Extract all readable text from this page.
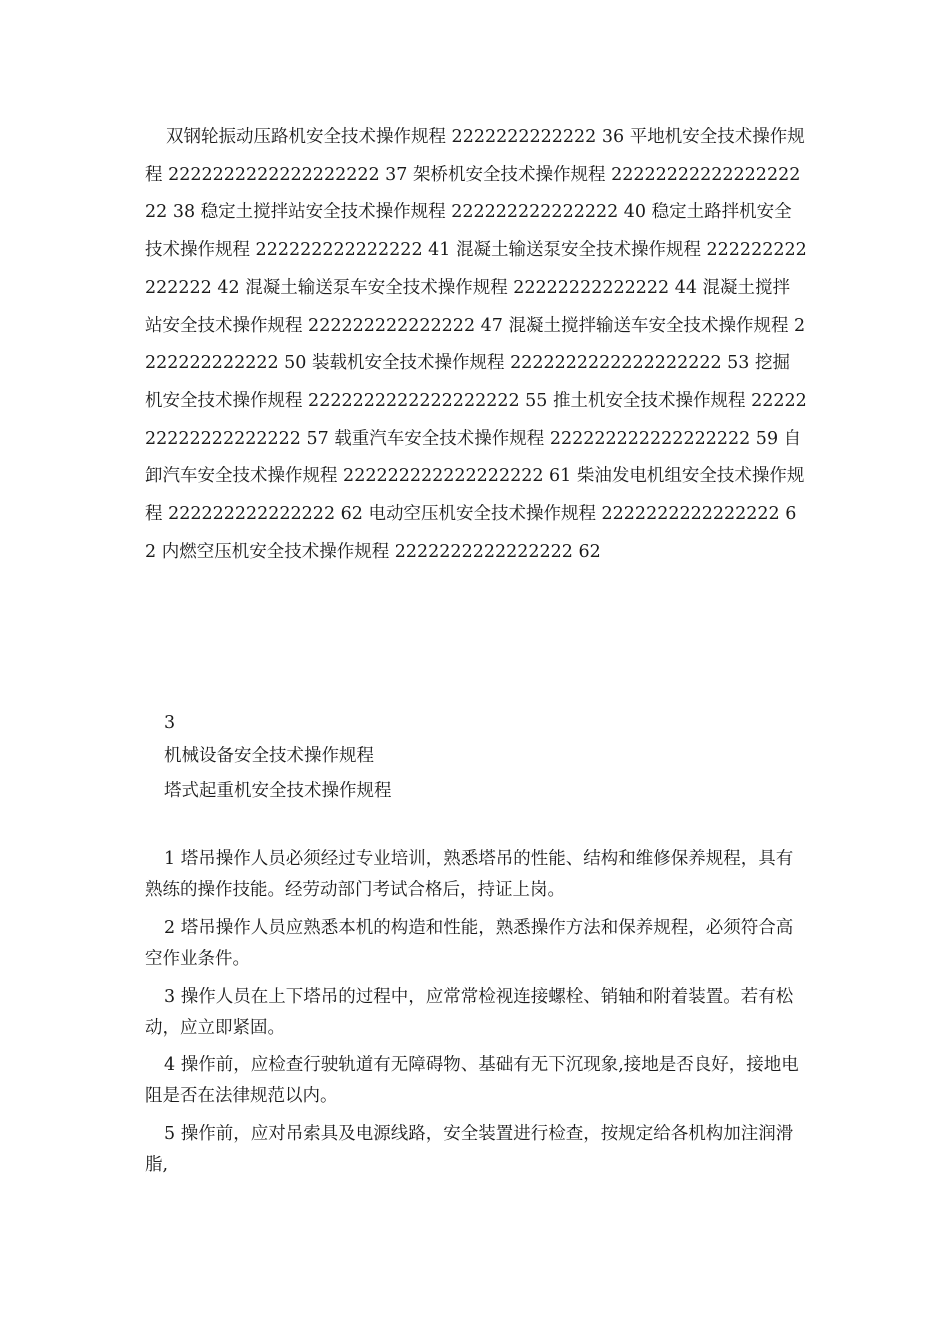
双钢轮振动压路机安全技术操作规程 2222222222222 36 平地机安全技术操作规程 2222222222222222222 37 架桥机安全技术操作规程 2222222222222222222 38 稳定土搅拌站安全技术操作规程 222222222222222 40 稳定土路拌机安全技术操作规程 222222222222222 41 混凝土输送泵安全技术操作规程 222222222222222 42 混凝土输送泵车安全技术操作规程 22222222222222 44 混凝土搅拌站安全技术操作规程 222222222222222 47 混凝土搅拌输送车安全技术操作规程 2222222222222 50 装载机安全技术操作规程 2222222222222222222 53 挖掘机安全技术操作规程 2222222222222222222 55 推土机安全技术操作规程 2222222222222222222 57 载重汽车安全技术操作规程 222222222222222222 59 自卸汽车安全技术操作规程 222222222222222222 61 柴油发电机组安全技术操作规程 222222222222222 62 电动空压机安全技术操作规程 2222222222222222 62 内燃空压机安全技术操作规程 2222222222222222 62
3
机械设备安全技术操作规程
塔式起重机安全技术操作规程

1 塔吊操作人员必须经过专业培训，熟悉塔吊的性能、结构和维修保养规程，具有熟练的操作技能。经劳动部门考试合格后，持证上岗。

2 塔吊操作人员应熟悉本机的构造和性能，熟悉操作方法和保养规程，必须符合高空作业条件。

3 操作人员在上下塔吊的过程中，应常常检视连接螺栓、销轴和附着装置。若有松动，应立即紧固。

4 操作前，应检查行驶轨道有无障碍物、基础有无下沉现象,接地是否良好，接地电阻是否在法律规范以内。

5 操作前，应对吊索具及电源线路，安全装置进行检查，按规定给各机构加注润滑脂,
